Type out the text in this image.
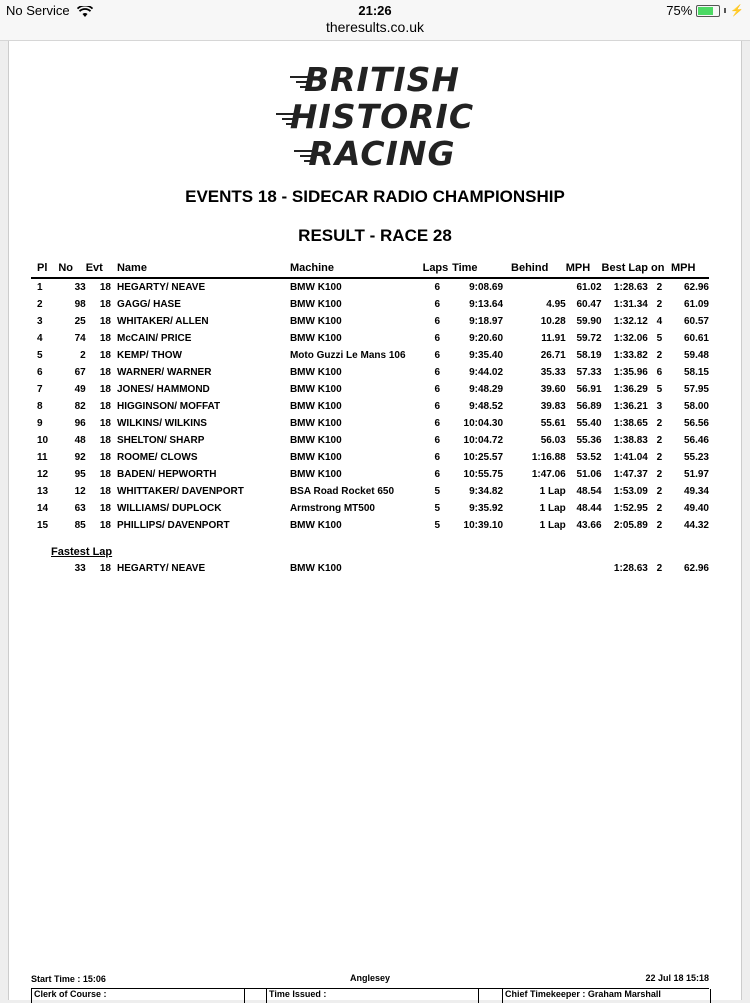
No Service	21:26
theresults.co.uk
75%	⚡
BRITISH
HISTORIC
RACING
EVENTS 18 - SIDECAR RADIO CHAMPIONSHIP
RESULT - RACE 28
Pl	No	Evt	Name	Machine	Laps	Time	Behind	MPH	Best Lap on		MPH
1	33	18	HEGARTY/ NEAVE	BMW K100	6	9:08.69		61.02	1:28.63	2	62.96
2	98	18	GAGG/ HASE	BMW K100	6	9:13.64	4.95	60.47	1:31.34	2	61.09
3	25	18	WHITAKER/ ALLEN	BMW K100	6	9:18.97	10.28	59.90	1:32.12	4	60.57
4	74	18	McCAIN/ PRICE	BMW K100	6	9:20.60	11.91	59.72	1:32.06	5	60.61
5	2	18	KEMP/ THOW	Moto Guzzi Le Mans 106	6	9:35.40	26.71	58.19	1:33.82	2	59.48
6	67	18	WARNER/ WARNER	BMW K100	6	9:44.02	35.33	57.33	1:35.96	6	58.15
7	49	18	JONES/ HAMMOND	BMW K100	6	9:48.29	39.60	56.91	1:36.29	5	57.95
8	82	18	HIGGINSON/ MOFFAT	BMW K100	6	9:48.52	39.83	56.89	1:36.21	3	58.00
9	96	18	WILKINS/ WILKINS	BMW K100	6	10:04.30	55.61	55.40	1:38.65	2	56.56
10	48	18	SHELTON/ SHARP	BMW K100	6	10:04.72	56.03	55.36	1:38.83	2	56.46
11	92	18	ROOME/ CLOWS	BMW K100	6	10:25.57	1:16.88	53.52	1:41.04	2	55.23
12	95	18	BADEN/ HEPWORTH	BMW K100	6	10:55.75	1:47.06	51.06	1:47.37	2	51.97
13	12	18	WHITTAKER/ DAVENPORT	BSA Road Rocket 650	5	9:34.82	1 Lap	48.54	1:53.09	2	49.34
14	63	18	WILLIAMS/ DUPLOCK	Armstrong MT500	5	9:35.92	1 Lap	48.44	1:52.95	2	49.40
15	85	18	PHILLIPS/ DAVENPORT	BMW K100	5	10:39.10	1 Lap	43.66	2:05.89	2	44.32
Fastest Lap
	33	18	HEGARTY/ NEAVE	BMW K100					1:28.63	2	62.96
Start Time : 15:06	Anglesey	22 Jul 18 15:18
Clerk of Course :	Time Issued :	Chief Timekeeper : Graham Marshall
